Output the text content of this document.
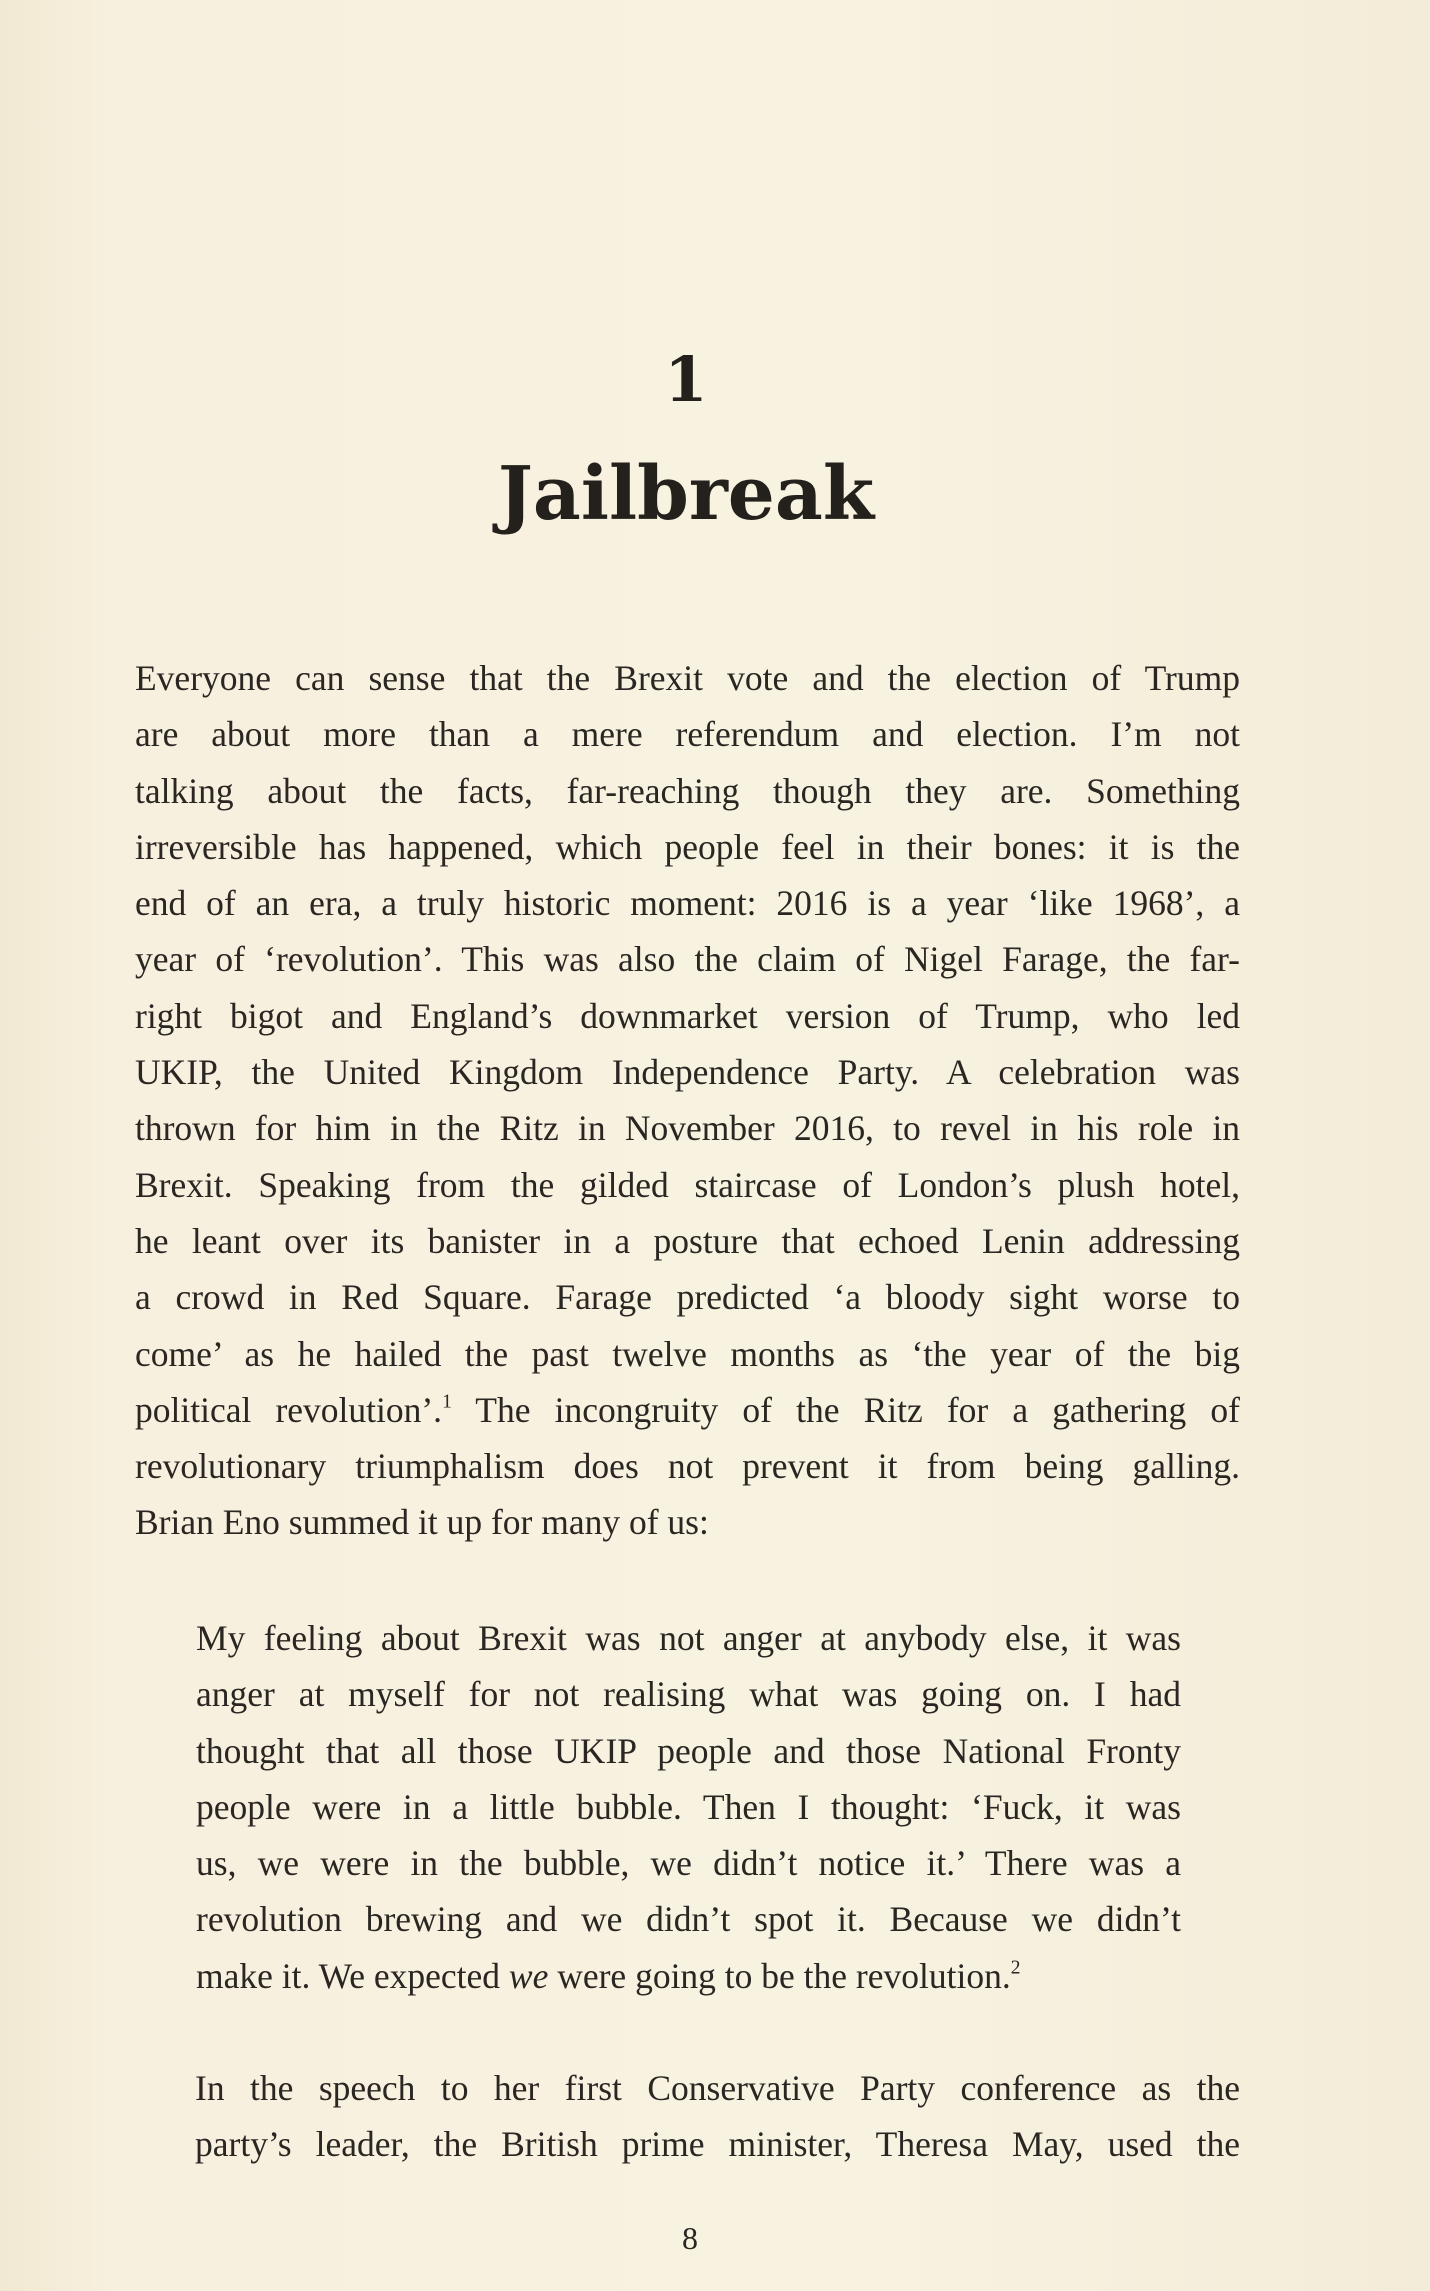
1
Jailbreak

Everyone can sense that the Brexit vote and the election of Trump
are about more than a mere referendum and election. I’m not
talking about the facts, far-reaching though they are. Something
irreversible has happened, which people feel in their bones: it is the
end of an era, a truly historic moment: 2016 is a year ‘like 1968’, a
year of ‘revolution’. This was also the claim of Nigel Farage, the far-
right bigot and England’s downmarket version of Trump, who led
UKIP, the United Kingdom Independence Party. A celebration was
thrown for him in the Ritz in November 2016, to revel in his role in
Brexit. Speaking from the gilded staircase of London’s plush hotel,
he leant over its banister in a posture that echoed Lenin addressing
a crowd in Red Square. Farage predicted ‘a bloody sight worse to
come’ as he hailed the past twelve months as ‘the year of the big
political revolution’.$^1$ The incongruity of the Ritz for a gathering of
revolutionary triumphalism does not prevent it from being galling.
Brian Eno summed it up for many of us:

My feeling about Brexit was not anger at anybody else, it was
anger at myself for not realising what was going on. I had
thought that all those UKIP people and those National Fronty
people were in a little bubble. Then I thought: ‘Fuck, it was
us, we were in the bubble, we didn’t notice it.’ There was a
revolution brewing and we didn’t spot it. Because we didn’t
make it. We expected we were going to be the revolution.$^2$

In the speech to her first Conservative Party conference as the
party’s leader, the British prime minister, Theresa May, used the

8
